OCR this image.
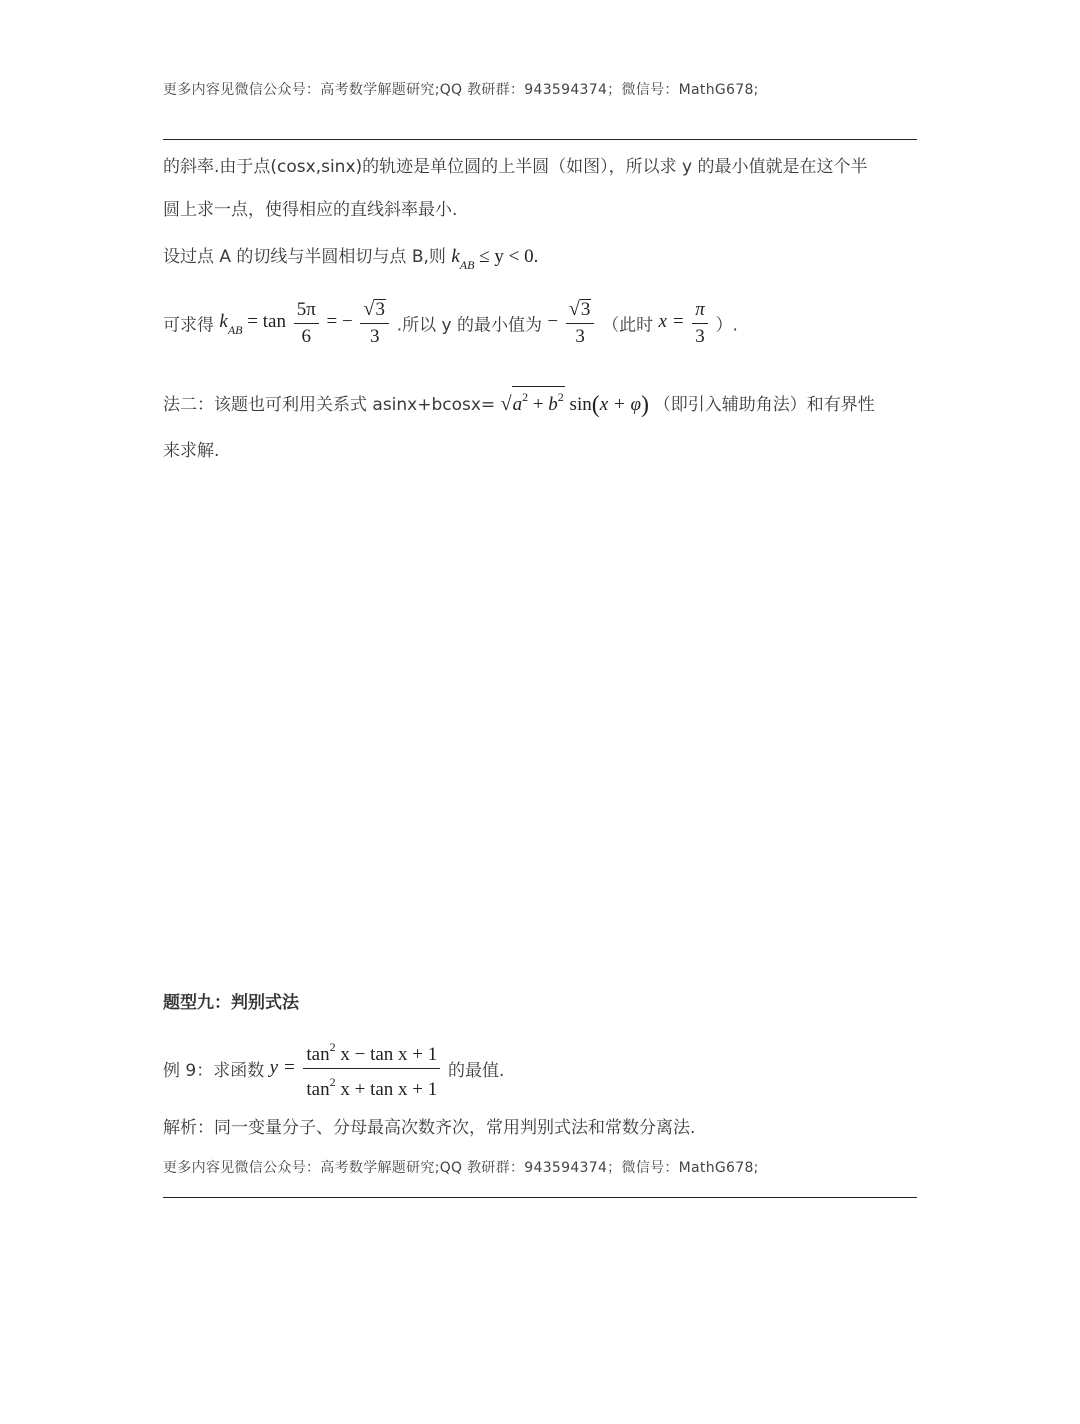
更多内容见微信公众号：高考数学解题研究;QQ 教研群：943594374；微信号：MathG678;
的斜率.由于点(cosx,sinx)的轨迹是单位圆的上半圆（如图），所以求 y 的最小值就是在这个半
圆上求一点，使得相应的直线斜率最小.
设过点 A 的切线与半圆相切与点 B,则 $k_{AB} \le y < 0$.
可求得 $k_{AB} = \tan \frac{5\pi}{6}$ = − $\frac{√3}{3}$ .所以 y 的最小值为 − $\frac{√3}{3}$ （此时 $x = \frac{\pi}{3}$ ）.
法二：该题也可利用关系式 $asinx+bcosx= √a^2 + b^2$ sin(x + φ) （即引入辅助角法）和有界性
来求解.
题型九：判别式法
例 9：求函数 $y = \frac{\tan^2 x - \tan x + 1}{\tan^2 x + \tan x + 1}$ 的最值.
解析：同一变量分子、分母最高次数齐次，常用判别式法和常数分离法.
更多内容见微信公众号：高考数学解题研究;QQ 教研群：943594374；微信号：MathG678;
